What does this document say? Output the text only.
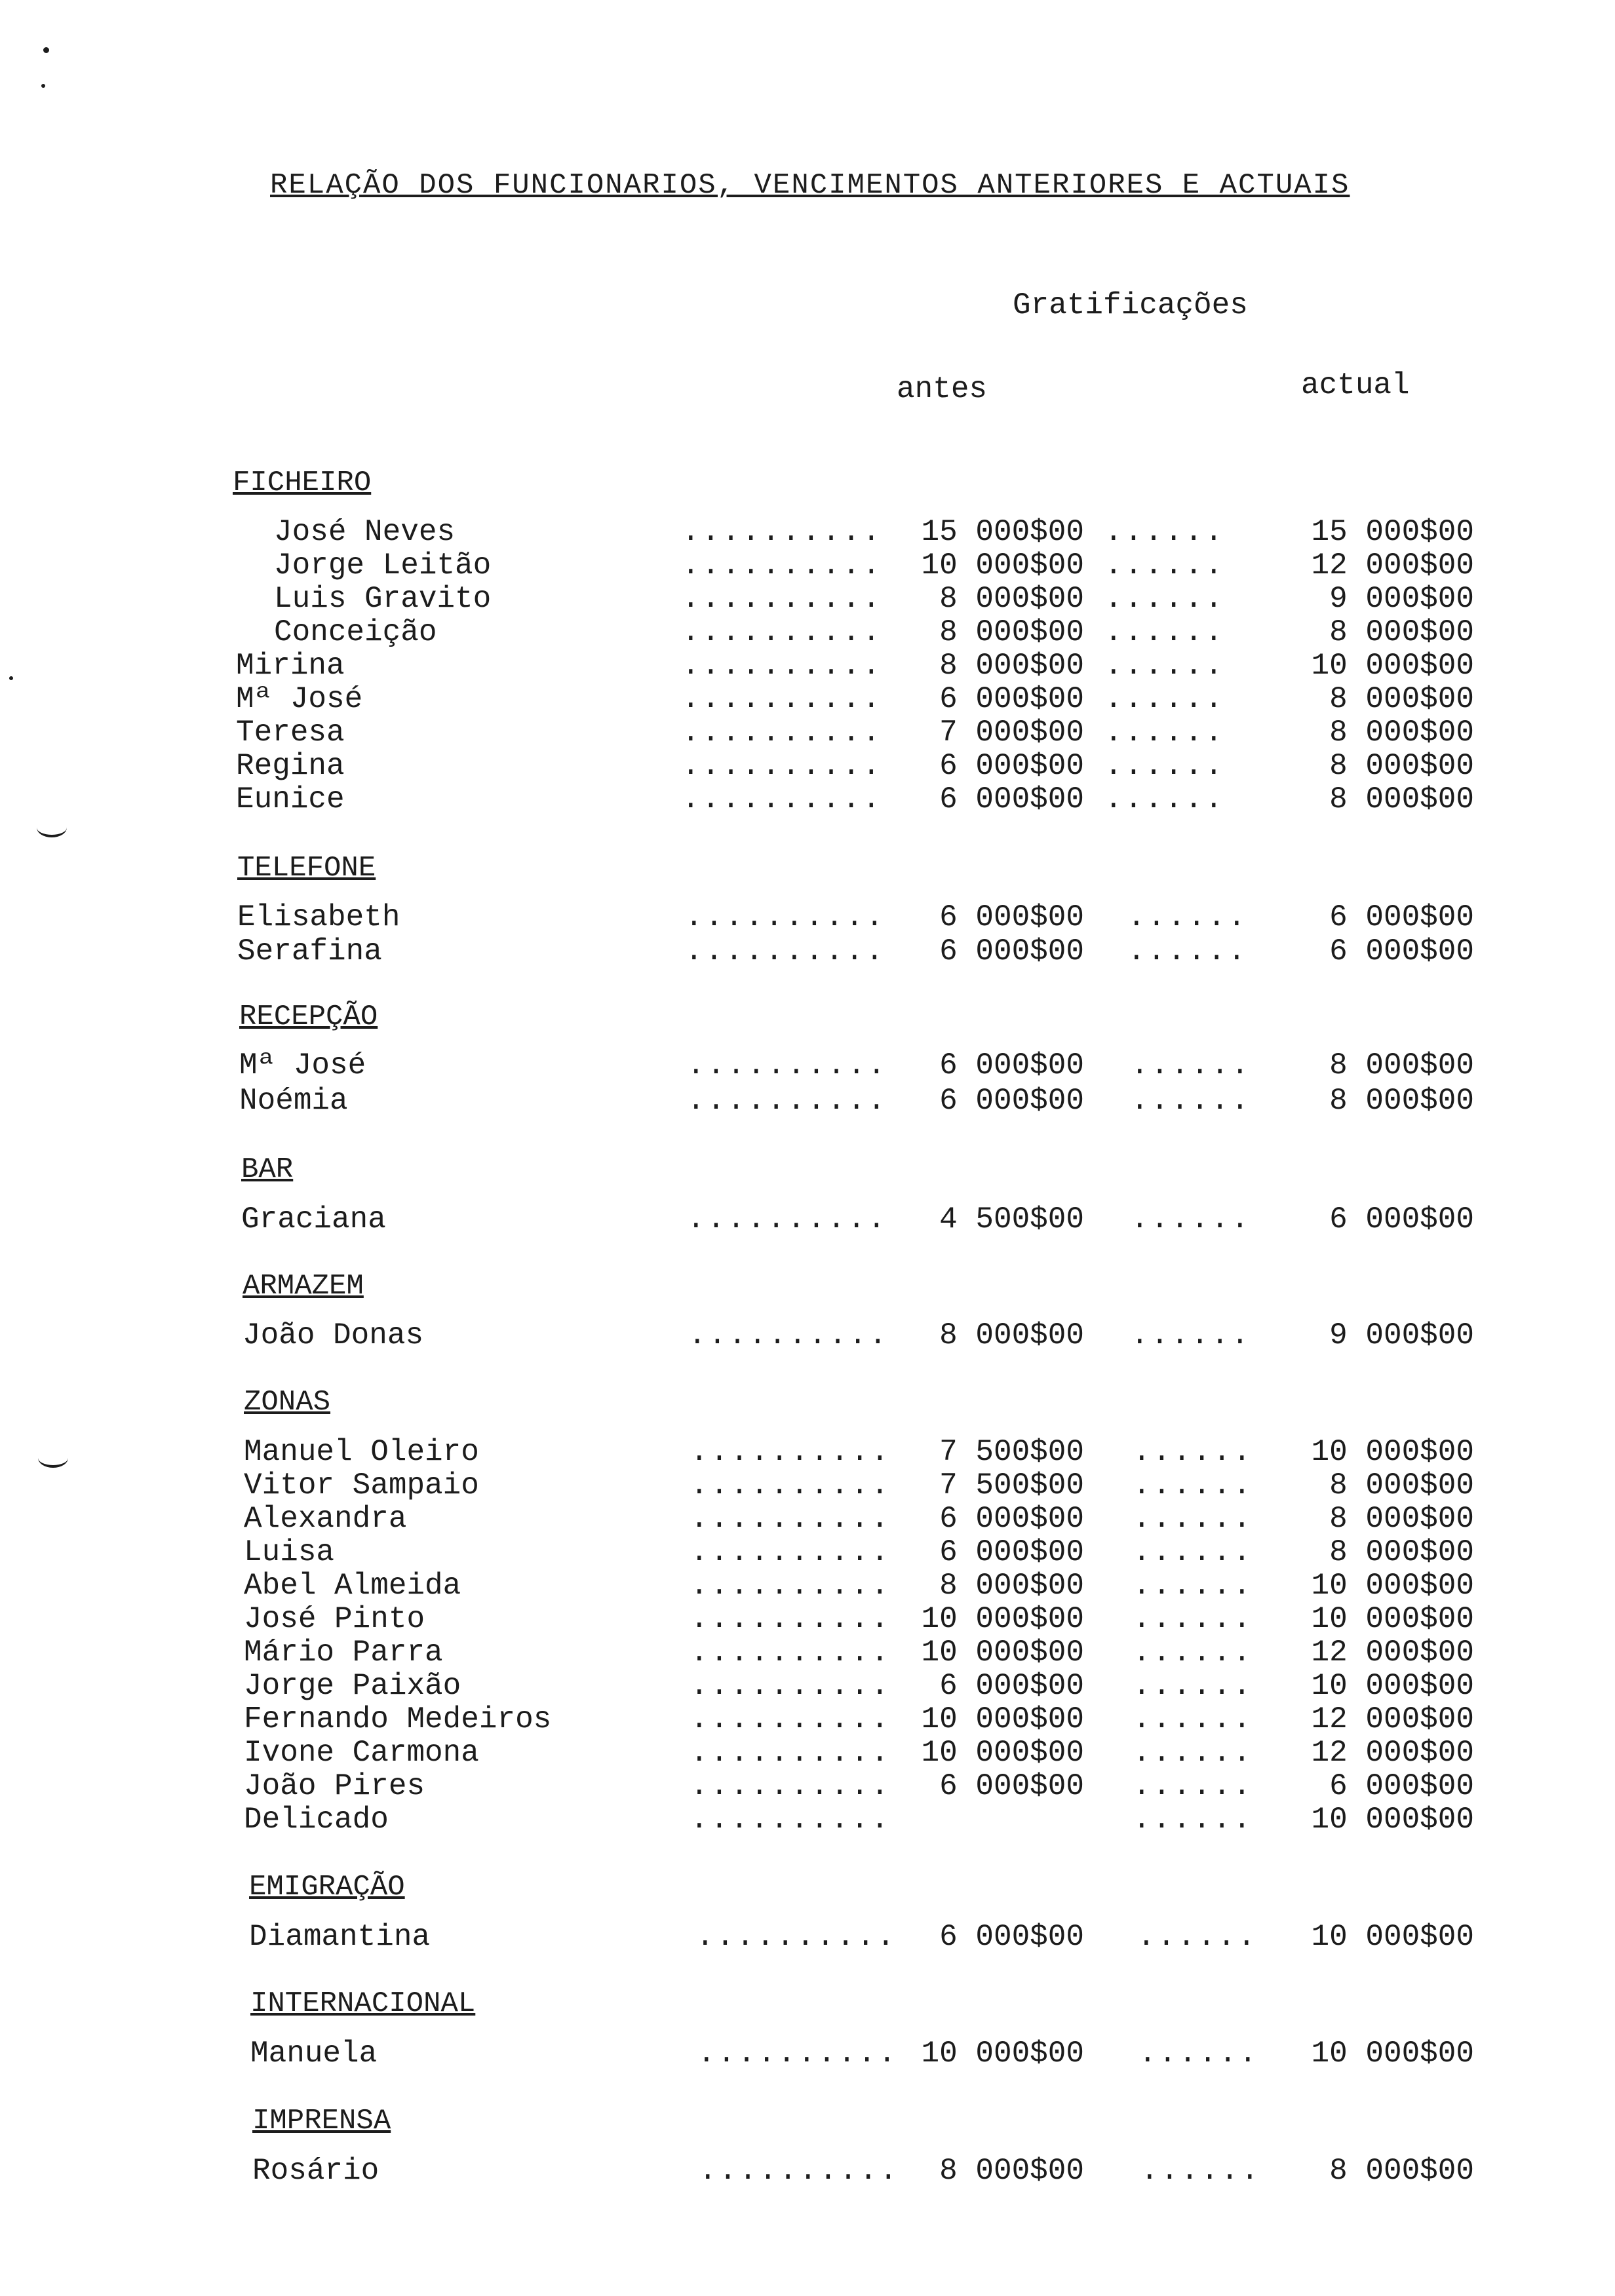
RELAÇÃO DOS FUNCIONARIOS, VENCIMENTOS ANTERIORES E ACTUAIS
Gratificações
antes	actual
FICHEIRO
José Neves	.......... 15 000$00 ......	15 000$00
Jorge Leitão	.......... 10 000$00 ......	12 000$00
Luis Gravito	.......... 8 000$00 ......	9 000$00
Conceição	.......... 8 000$00 ......	8 000$00
Mirina	.......... 8 000$00 ......	10 000$00
Mª José	.......... 6 000$00 ......	8 000$00
Teresa	.......... 7 000$00 ......	8 000$00
Regina	.......... 6 000$00 ......	8 000$00
Eunice	.......... 6 000$00 ......	8 000$00
TELEFONE
Elisabeth	.......... 6 000$00 ......	6 000$00
Serafina	.......... 6 000$00 ......	6 000$00
RECEPÇÃO
Mª José	.......... 6 000$00 ......	8 000$00
Noémia	.......... 6 000$00 ......	8 000$00
BAR
Graciana	.......... 4 500$00 ......	6 000$00
ARMAZEM
João Donas	.......... 8 000$00 ......	9 000$00
ZONAS
Manuel Oleiro	.......... 7 500$00 ...... 10 000$00
Vitor Sampaio	.......... 7 500$00 ......	8 000$00
Alexandra	.......... 6 000$00 ......	8 000$00
Luisa	.......... 6 000$00 ......	8 000$00
Abel Almeida	.......... 8 000$00 ...... 10 000$00
José Pinto	.......... 10 000$00 ...... 10 000$00
Mário Parra	.......... 10 000$00 ...... 12 000$00
Jorge Paixão	.......... 6 000$00 ...... 10 000$00
Fernando Medeiros	.......... 10 000$00 ...... 12 000$00
Ivone Carmona	.......... 10 000$00 ...... 12 000$00
João Pires	.......... 6 000$00 ......	6 000$00
Delicado	..........	...... 10 000$00
EMIGRAÇÃO
Diamantina	.......... 6 000$00 ...... 10 000$00
INTERNACIONAL
Manuela	.......... 10 000$00 ...... 10 000$00
IMPRENSA
Rosário	.......... 8 000$00 ...... 8 000$00
